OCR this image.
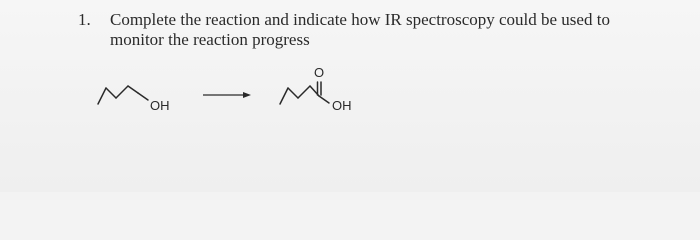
1. Complete the reaction and indicate how IR spectroscopy could be used to
monitor the reaction progress
OH
O
OH
